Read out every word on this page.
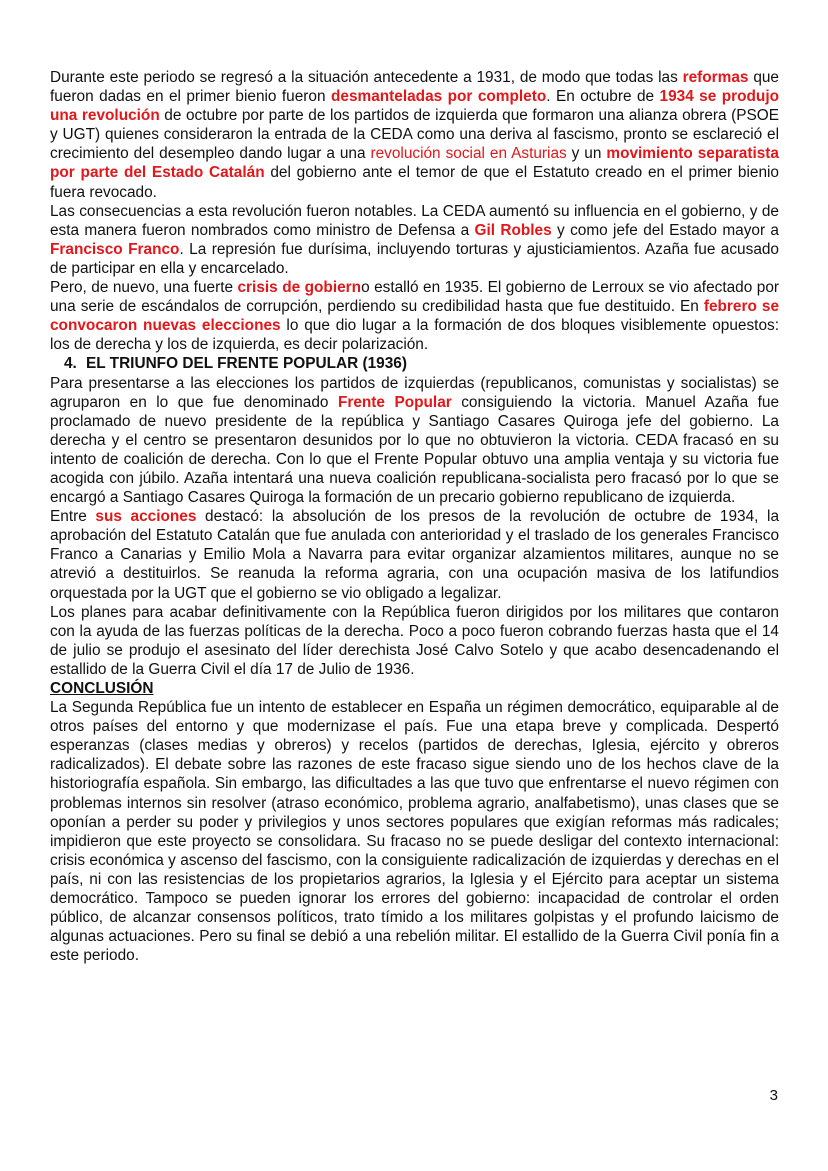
Durante este periodo se regresó a la situación antecedente a 1931, de modo que todas las reformas que fueron dadas en el primer bienio fueron desmanteladas por completo. En octubre de 1934 se produjo una revolución de octubre por parte de los partidos de izquierda que formaron una alianza obrera (PSOE y UGT) quienes consideraron la entrada de la CEDA como una deriva al fascismo, pronto se esclareció el crecimiento del desempleo dando lugar a una revolución social en Asturias y un movimiento separatista por parte del Estado Catalán del gobierno ante el temor de que el Estatuto creado en el primer bienio fuera revocado.

Las consecuencias a esta revolución fueron notables. La CEDA aumentó su influencia en el gobierno, y de esta manera fueron nombrados como ministro de Defensa a Gil Robles y como jefe del Estado mayor a Francisco Franco. La represión fue durísima, incluyendo torturas y ajusticiamientos. Azaña fue acusado de participar en ella y encarcelado.

Pero, de nuevo, una fuerte crisis de gobierno estalló en 1935. El gobierno de Lerroux se vio afectado por una serie de escándalos de corrupción, perdiendo su credibilidad hasta que fue destituido. En febrero se convocaron nuevas elecciones lo que dio lugar a la formación de dos bloques visiblemente opuestos: los de derecha y los de izquierda, es decir polarización.

4. EL TRIUNFO DEL FRENTE POPULAR (1936)

Para presentarse a las elecciones los partidos de izquierdas (republicanos, comunistas y socialistas) se agruparon en lo que fue denominado Frente Popular consiguiendo la victoria. Manuel Azaña fue proclamado de nuevo presidente de la república y Santiago Casares Quiroga jefe del gobierno. La derecha y el centro se presentaron desunidos por lo que no obtuvieron la victoria. CEDA fracasó en su intento de coalición de derecha. Con lo que el Frente Popular obtuvo una amplia ventaja y su victoria fue acogida con júbilo. Azaña intentará una nueva coalición republicana-socialista pero fracasó por lo que se encargó a Santiago Casares Quiroga la formación de un precario gobierno republicano de izquierda.

Entre sus acciones destacó: la absolución de los presos de la revolución de octubre de 1934, la aprobación del Estatuto Catalán que fue anulada con anterioridad y el traslado de los generales Francisco Franco a Canarias y Emilio Mola a Navarra para evitar organizar alzamientos militares, aunque no se atrevió a destituirlos. Se reanuda la reforma agraria, con una ocupación masiva de los latifundios orquestada por la UGT que el gobierno se vio obligado a legalizar.

Los planes para acabar definitivamente con la República fueron dirigidos por los militares que contaron con la ayuda de las fuerzas políticas de la derecha. Poco a poco fueron cobrando fuerzas hasta que el 14 de julio se produjo el asesinato del líder derechista José Calvo Sotelo y que acabo desencadenando el estallido de la Guerra Civil el día 17 de Julio de 1936.

CONCLUSIÓN

La Segunda República fue un intento de establecer en España un régimen democrático, equiparable al de otros países del entorno y que modernizase el país. Fue una etapa breve y complicada. Despertó esperanzas (clases medias y obreros) y recelos (partidos de derechas, Iglesia, ejército y obreros radicalizados). El debate sobre las razones de este fracaso sigue siendo uno de los hechos clave de la historiografía española. Sin embargo, las dificultades a las que tuvo que enfrentarse el nuevo régimen con problemas internos sin resolver (atraso económico, problema agrario, analfabetismo), unas clases que se oponían a perder su poder y privilegios y unos sectores populares que exigían reformas más radicales; impidieron que este proyecto se consolidara. Su fracaso no se puede desligar del contexto internacional: crisis económica y ascenso del fascismo, con la consiguiente radicalización de izquierdas y derechas en el país, ni con las resistencias de los propietarios agrarios, la Iglesia y el Ejército para aceptar un sistema democrático. Tampoco se pueden ignorar los errores del gobierno: incapacidad de controlar el orden público, de alcanzar consensos políticos, trato tímido a los militares golpistas y el profundo laicismo de algunas actuaciones. Pero su final se debió a una rebelión militar. El estallido de la Guerra Civil ponía fin a este periodo.

3
